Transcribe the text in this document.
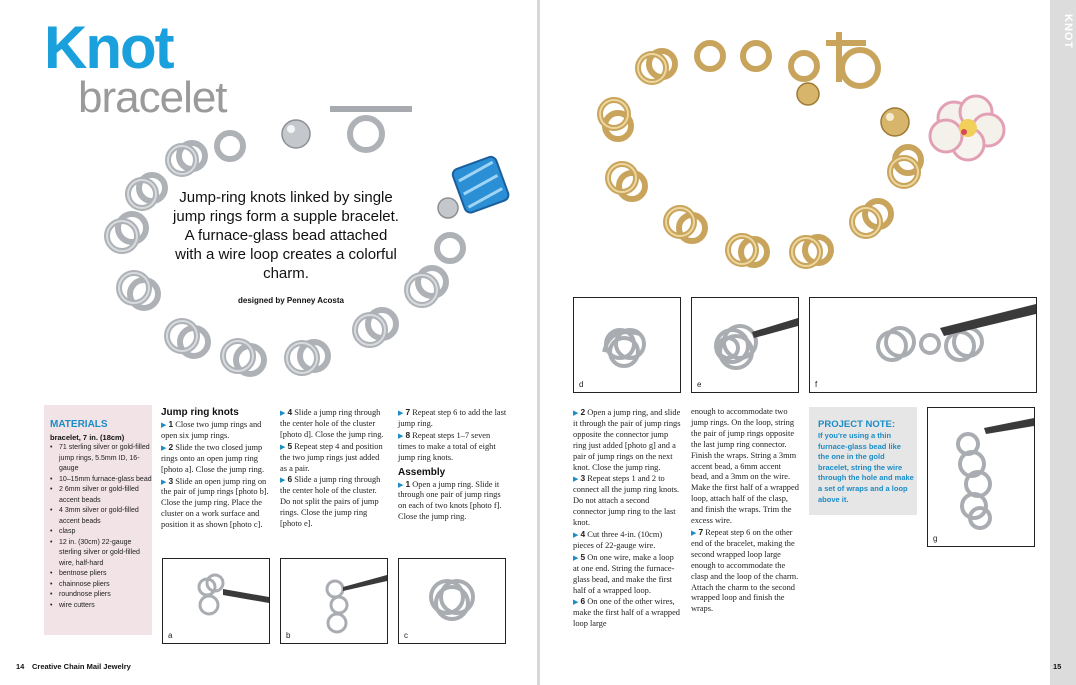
KNOT
Knot
bracelet
Jump-ring knots linked by single jump rings form a supple bracelet. A furnace-glass bead attached with a wire loop creates a colorful charm.
designed by Penney Acosta
MATERIALS
bracelet, 7 in. (18cm)
• 71 sterling silver or gold-filled jump rings, 5.5mm ID, 16-gauge
• 10–15mm furnace-glass bead
• 2 6mm silver or gold-filled accent beads
• 4 3mm silver or gold-filled accent beads
• clasp
• 12 in. (30cm) 22-gauge sterling silver or gold-filled wire, half-hard
• bentnose pliers
• chainnose pliers
• roundnose pliers
• wire cutters

Jump ring knots

▶ 1 Close two jump rings and open six jump rings.

▶ 2 Slide the two closed jump rings onto an open jump ring [photo a]. Close the jump ring.

▶ 3 Slide an open jump ring on the pair of jump rings [photo b]. Close the jump ring. Place the cluster on a work surface and position it as shown [photo c].

▶ 4 Slide a jump ring through the center hole of the cluster [photo d]. Close the jump ring.

▶ 5 Repeat step 4 and position the two jump rings just added as a pair.

▶ 6 Slide a jump ring through the center hole of the cluster. Do not split the pairs of jump rings. Close the jump ring [photo e].

▶ 7 Repeat step 6 to add the last jump ring.

▶ 8 Repeat steps 1–7 seven times to make a total of eight jump ring knots.

Assembly

▶ 1 Open a jump ring. Slide it through one pair of jump rings on each of two knots [photo f]. Close the jump ring.

a	b	c
d	e	f

▶ 2 Open a jump ring, and slide it through the pair of jump rings opposite the connector jump ring just added [photo g] and a pair of jump rings on the next knot. Close the jump ring.

▶ 3 Repeat steps 1 and 2 to connect all the jump ring knots. Do not attach a second connector jump ring to the last knot.

▶ 4 Cut three 4-in. (10cm) pieces of 22-gauge wire.

▶ 5 On one wire, make a loop at one end. String the furnace-glass bead, and make the first half of a wrapped loop.

▶ 6 On one of the other wires, make the first half of a wrapped loop large

enough to accommodate two jump rings. On the loop, string the pair of jump rings opposite the last jump ring connector. Finish the wraps. String a 3mm accent bead, a 6mm accent bead, and a 3mm on the wire. Make the first half of a wrapped loop, attach half of the clasp, and finish the wraps. Trim the excess wire.

▶ 7 Repeat step 6 on the other end of the bracelet, making the second wrapped loop large enough to accommodate the clasp and the loop of the charm. Attach the charm to the second wrapped loop and finish the wraps.

PROJECT NOTE:
If you're using a thin furnace-glass bead like the one in the gold bracelet, string the wire through the hole and make a set of wraps and a loop above it.
g
14 Creative Chain Mail Jewelry	15
